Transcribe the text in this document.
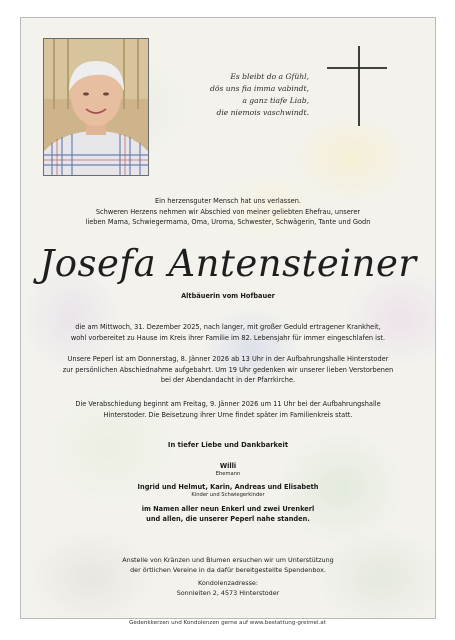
Es bleibt do a Gfühl,
dös uns fia imma vabindt,
a ganz tiafe Liab,
die niemois vaschwindt.
Ein herzensguter Mensch hat uns verlassen.
Schweren Herzens nehmen wir Abschied von meiner geliebten Ehefrau, unserer
lieben Mama, Schwiegermama, Oma, Uroma, Schwester, Schwägerin, Tante und Godn
Josefa Antensteiner
Altbäuerin vom Hofbauer
die am Mittwoch, 31. Dezember 2025, nach langer, mit großer Geduld ertragener Krankheit,
wohl vorbereitet zu Hause im Kreis ihrer Familie im 82. Lebensjahr für immer eingeschlafen ist.
Unsere Peperl ist am Donnerstag, 8. Jänner 2026 ab 13 Uhr in der Aufbahrungshalle Hinterstoder
zur persönlichen Abschiednahme aufgebahrt. Um 19 Uhr gedenken wir unserer lieben Verstorbenen
bei der Abendandacht in der Pfarrkirche.
Die Verabschiedung beginnt am Freitag, 9. Jänner 2026 um 11 Uhr bei der Aufbahrungshalle
Hinterstoder. Die Beisetzung ihrer Urne findet später im Familienkreis statt.
In tiefer Liebe und Dankbarkeit
Willi
Ehemann
Ingrid und Helmut, Karin, Andreas und Elisabeth
Kinder und Schwiegerkinder
im Namen aller neun Enkerl und zwei Urenkerl
und allen, die unserer Peperl nahe standen.
Anstelle von Kränzen und Blumen ersuchen wir um Unterstützung
der örtlichen Vereine in da dafür bereitgestellte Spendenbox.
Kondolenzadresse:
Sonnleiten 2, 4573 Hinterstoder
Gedenkkerzen und Kondolenzen gerne auf www.bestattung-greimel.at
